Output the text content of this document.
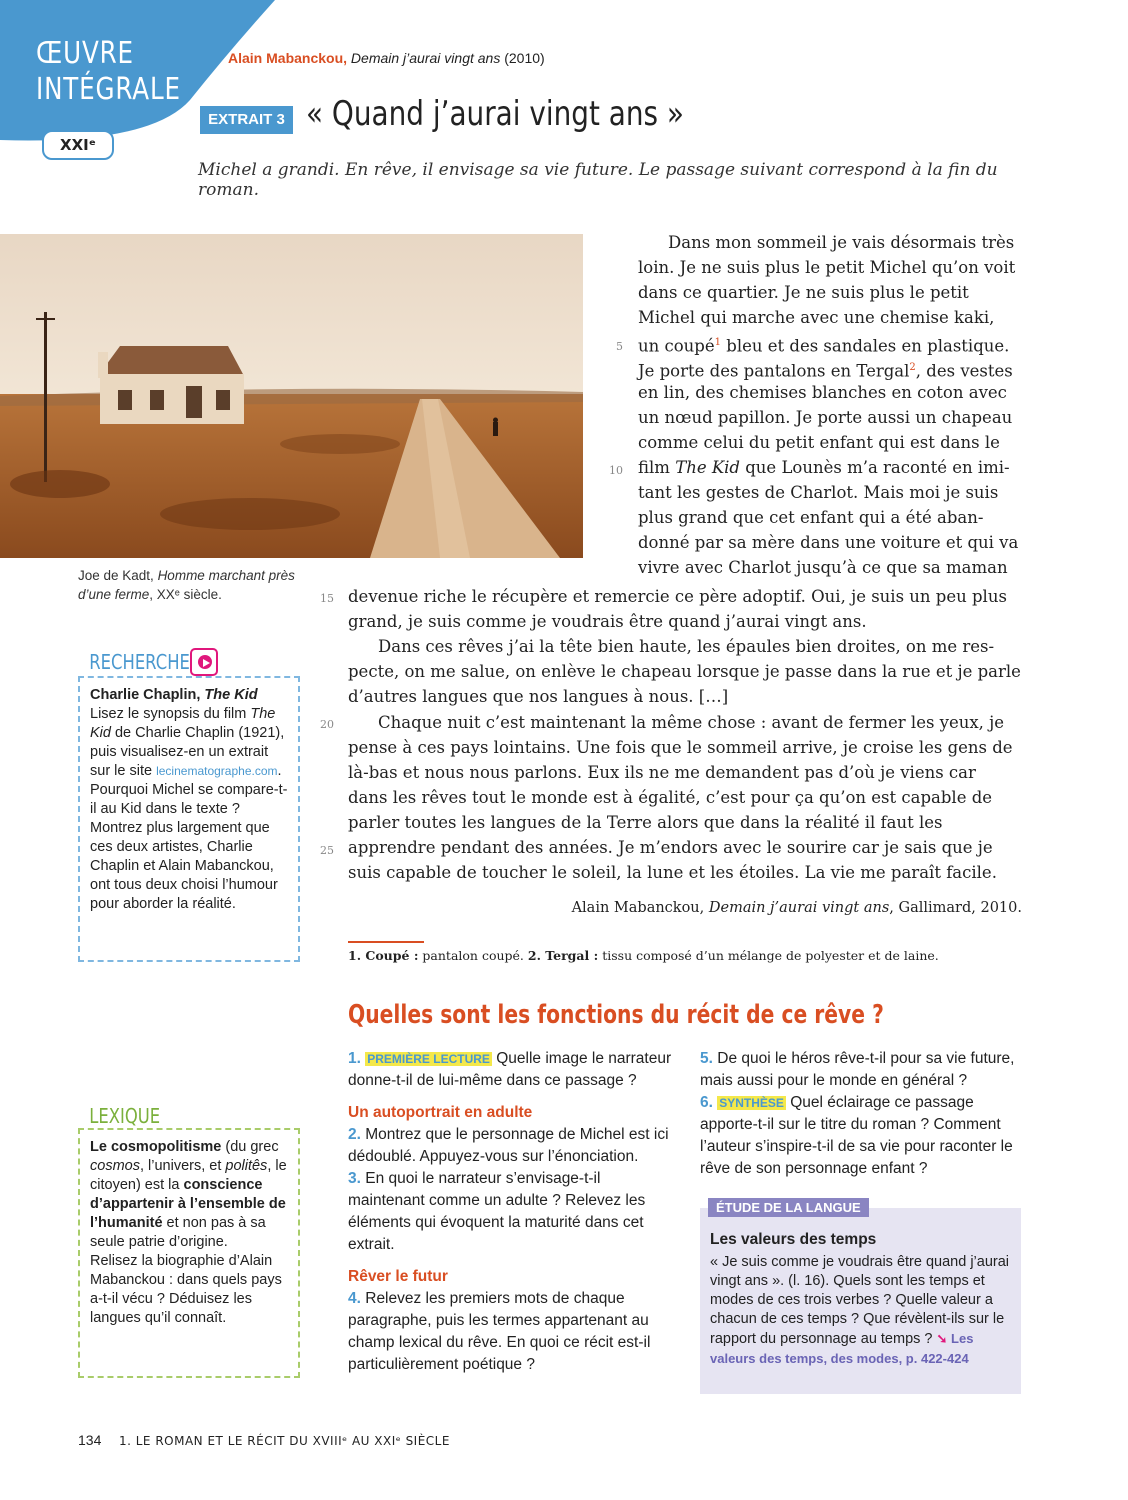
ŒUVRE
INTÉGRALE
XXIᵉ
Alain Mabanckou, Demain j’aurai vingt ans (2010)
EXTRAIT 3 « Quand j’aurai vingt ans »
Michel a grandi. En rêve, il envisage sa vie future. Le passage suivant correspond à la fin du roman.
Joe de Kadt, Homme marchant près d’une ferme, XXᵉ siècle.
Dans mon sommeil je vais désormais très
loin. Je ne suis plus le petit Michel qu’on voit
dans ce quartier. Je ne suis plus le petit
Michel qui marche avec une chemise kaki,
un coupé$^1$ bleu et des sandales en plastique.
Je porte des pantalons en Tergal$^2$, des vestes
en lin, des chemises blanches en coton avec
un nœud papillon. Je porte aussi un chapeau
comme celui du petit enfant qui est dans le
film The Kid que Lounès m’a raconté en imi-
tant les gestes de Charlot. Mais moi je suis
plus grand que cet enfant qui a été aban-
donné par sa mère dans une voiture et qui va
vivre avec Charlot jusqu’à ce que sa maman
devenue riche le récupère et remercie ce père adoptif. Oui, je suis un peu plus
grand, je suis comme je voudrais être quand j’aurai vingt ans.
Dans ces rêves j’ai la tête bien haute, les épaules bien droites, on me res-
pecte, on me salue, on enlève le chapeau lorsque je passe dans la rue et je parle
d’autres langues que nos langues à nous. […]
Chaque nuit c’est maintenant la même chose : avant de fermer les yeux, je
pense à ces pays lointains. Une fois que le sommeil arrive, je croise les gens de
là-bas et nous nous parlons. Eux ils ne me demandent pas d’où je viens car
dans les rêves tout le monde est à égalité, c’est pour ça qu’on est capable de
parler toutes les langues de la Terre alors que dans la réalité il faut les
apprendre pendant des années. Je m’endors avec le sourire car je sais que je
suis capable de toucher le soleil, la lune et les étoiles. La vie me paraît facile.
5
10
15
20
25
Alain Mabanckou, Demain j’aurai vingt ans, Gallimard, 2010.
1. Coupé : pantalon coupé. 2. Tergal : tissu composé d’un mélange de polyester et de laine.
Charlie Chaplin, The Kid
Lisez le synopsis du film The Kid de Charlie Chaplin (1921), puis visualisez-en un extrait sur le site lecinematographe.com. Pourquoi Michel se compare-t-il au Kid dans le texte ? Montrez plus largement que ces deux artistes, Charlie Chaplin et Alain Mabanckou, ont tous deux choisi l’humour pour aborder la réalité.
RECHERCHE
Le cosmopolitisme (du grec cosmos, l’univers, et politês, le citoyen) est la conscience d’appartenir à l’ensemble de l’humanité et non pas à sa seule patrie d’origine.
Relisez la biographie d’Alain Mabanckou : dans quels pays a-t-il vécu ? Déduisez les langues qu’il connaît.
LEXIQUE
Quelles sont les fonctions du récit de ce rêve ?
1. PREMIÈRE LECTURE Quelle image le narrateur donne-t-il de lui-même dans ce passage ?
Un autoportrait en adulte
2. Montrez que le personnage de Michel est ici dédoublé. Appuyez-vous sur l’énonciation.
3. En quoi le narrateur s’envisage-t-il maintenant comme un adulte ? Relevez les éléments qui évoquent la maturité dans cet extrait.
Rêver le futur
4. Relevez les premiers mots de chaque paragraphe, puis les termes appartenant au champ lexical du rêve. En quoi ce récit est-il particulièrement poétique ?
5. De quoi le héros rêve-t-il pour sa vie future, mais aussi pour le monde en général ?
6. SYNTHÈSE Quel éclairage ce passage apporte-t-il sur le titre du roman ? Comment l’auteur s’inspire-t-il de sa vie pour raconter le rêve de son personnage enfant ?
Les valeurs des temps
« Je suis comme je voudrais être quand j’aurai vingt ans ». (l. 16). Quels sont les temps et modes de ces trois verbes ? Quelle valeur a chacun de ces temps ? Que révèlent-ils sur le rapport du personnage au temps ? ➘ Les valeurs des temps, des modes, p. 422-424
ÉTUDE DE LA LANGUE
134 1. LE ROMAN ET LE RÉCIT DU XVIIIᵉ AU XXIᵉ SIÈCLE
